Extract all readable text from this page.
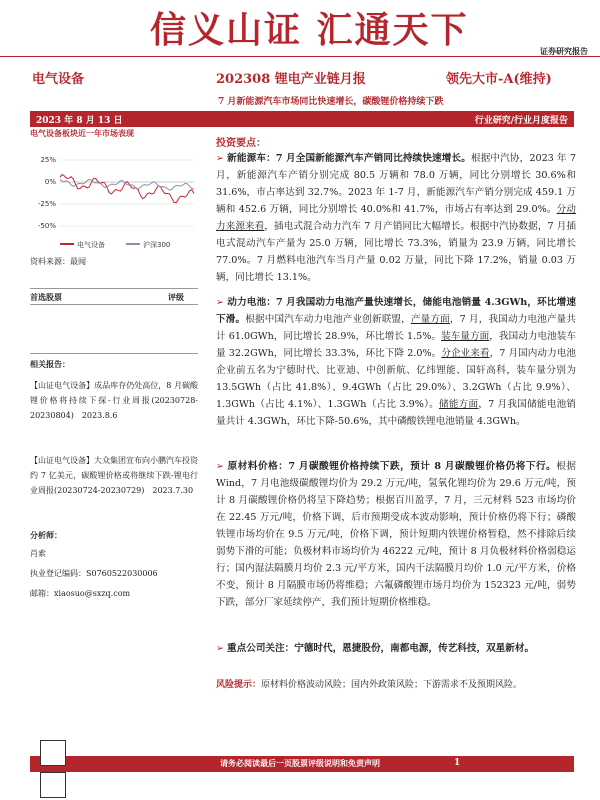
信义山证 汇通天下
证券研究报告
电气设备	202308 锂电产业链月报	领先大市-A(维持)
7 月新能源汽车市场同比快速增长，碳酸锂价格持续下跌
2023 年 8 月 13 日	行业研究/行业月度报告
电气设备板块近一年市场表现
25%
0%
-25%
-50%
电气设备	沪深300
资料来源：最闻
首选股票	评级
相关报告：
【山证电气设备】成品库存仍处高位，8 月碳酸锂价格将持续下探-行业周报(20230728-20230804)　2023.8.6
【山证电气设备】大众集团宣布向小鹏汽车投资约 7 亿美元，碳酸锂价格或将继续下跌-锂电行业周报(20230724-20230729)　2023.7.30
分析师：
肖索
执业登记编码：S0760522030006
邮箱：xiaosuo@sxzq.com
投资要点：
➢ 新能源车：7 月全国新能源汽车产销同比持续快速增长。根据中汽协，2023 年 7 月，新能源汽车产销分别完成 80.5 万辆和 78.0 万辆，同比分别增长 30.6%和 31.6%，市占率达到 32.7%。2023 年 1-7 月，新能源汽车产销分别完成 459.1 万辆和 452.6 万辆，同比分别增长 40.0%和 41.7%，市场占有率达到 29.0%。分动力来源来看，插电式混合动力汽车 7 月产销同比大幅增长。根据中汽协数据，7 月插电式混动汽车产量为 25.0 万辆，同比增长 73.3%，销量为 23.9 万辆，同比增长 77.0%。7 月燃料电池汽车当月产量 0.02 万量，同比下降 17.2%，销量 0.03 万辆，同比增长 13.1%。
➢ 动力电池：7 月我国动力电池产量快速增长，储能电池销量 4.3GWh，环比增速下滑。根据中国汽车动力电池产业创新联盟，产量方面，7 月，我国动力电池产量共计 61.0GWh，同比增长 28.9%，环比增长 1.5%。装车量方面，我国动力电池装车量 32.2GWh，同比增长 33.3%，环比下降 2.0%。分企业来看，7 月国内动力电池企业前五名为宁德时代、比亚迪、中创新航、亿纬锂能、国轩高科，装车量分别为 13.5GWh（占比 41.8%）、9.4GWh（占比 29.0%）、3.2GWh（占比 9.9%）、1.3GWh（占比 4.1%）、1.3GWh（占比 3.9%）。储能方面，7 月我国储能电池销量共计 4.3GWh，环比下降-50.6%，其中磷酸铁锂电池销量 4.3GWh。
➢ 原材料价格：7 月碳酸锂价格持续下跌，预计 8 月碳酸锂价格仍将下行。根据 Wind，7 月电池级碳酸锂均价为 29.2 万元/吨，氢氧化锂均价为 29.6 万元/吨，预计 8 月碳酸锂价格仍将呈下降趋势；根据百川盈孚，7 月，三元材料 523 市场均价在 22.45 万元/吨，价格下调，后市预期受成本波动影响，预计价格仍将下行；磷酸铁锂市场均价在 9.5 万元/吨，价格下调，预计短期内铁锂价格暂稳，然不排除后续弱势下滑的可能；负极材料市场均价为 46222 元/吨，预计 8 月负极材料价格弱稳运行；国内湿法隔膜月均价 2.3 元/平方米，国内干法隔膜月均价 1.0 元/平方米，价格不变，预计 8 月隔膜市场仍将维稳；六氟磷酸锂市场月均价为 152323 元/吨，弱势下跌，部分厂家延续停产，我们预计短期价格维稳。
➢ 重点公司关注：宁德时代，恩捷股份，南都电源，传艺科技，双星新材。
风险提示：原材料价格波动风险；国内外政策风险；下游需求不及预期风险。
请务必阅读最后一页股票评级说明和免责声明	1
